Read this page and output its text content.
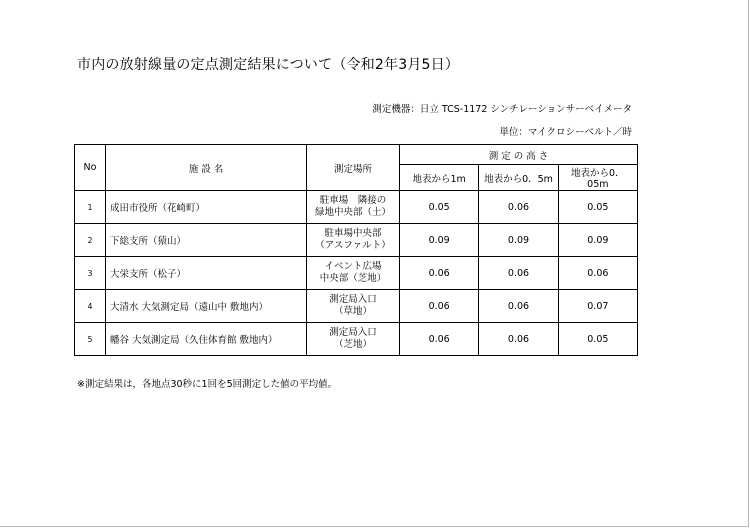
市内の放射線量の定点測定結果について（令和2年3月5日）
測定機器：日立 TCS-1172 シンチレーションサーベイメータ
単位：マイクロシーベルト／時
No	施 設 名	測定場所	測 定 の 高 さ		
			地表から1m	地表から0．5m	地表から0．05m
1	成田市役所（花崎町）	駐車場　隣接の
緑地中央部（土）	0.05	0.06	0.05
2	下総支所（猿山）	駐車場中央部
（アスファルト）	0.09	0.09	0.09
3	大栄支所（松子）	イベント広場
中央部（芝地）	0.06	0.06	0.06
4	大清水 大気測定局（遠山中 敷地内）	測定局入口
（草地）	0.06	0.06	0.07
5	幡谷 大気測定局（久住体育館 敷地内）	測定局入口
（芝地）	0.06	0.06	0.05
※測定結果は，各地点30秒に1回を5回測定した値の平均値。
